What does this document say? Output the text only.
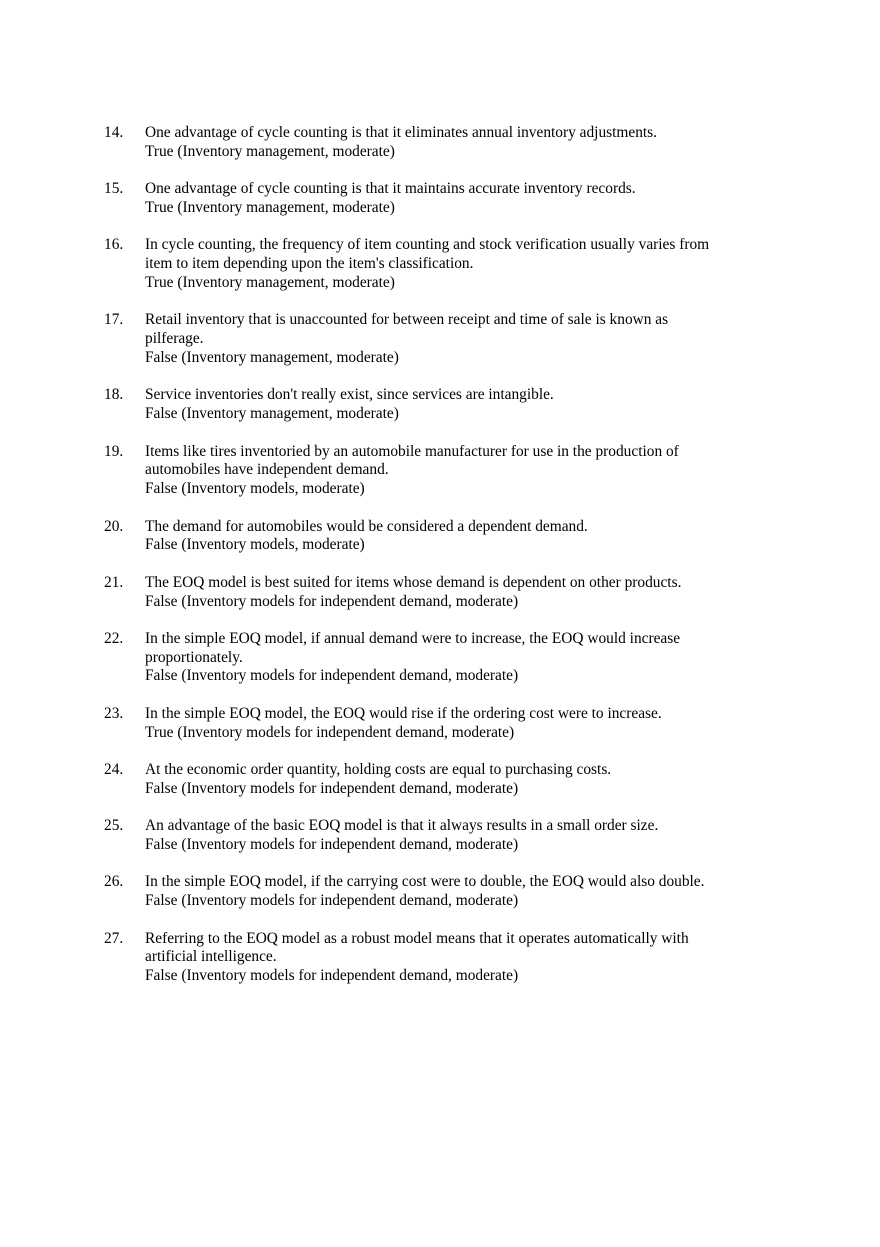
14.	One advantage of cycle counting is that it eliminates annual inventory adjustments.
True (Inventory management, moderate)
15.	One advantage of cycle counting is that it maintains accurate inventory records.
True (Inventory management, moderate)
16.	In cycle counting, the frequency of item counting and stock verification usually varies from item to item depending upon the item's classification.
True (Inventory management, moderate)
17.	Retail inventory that is unaccounted for between receipt and time of sale is known as pilferage.
False (Inventory management, moderate)
18.	Service inventories don't really exist, since services are intangible.
False (Inventory management, moderate)
19.	Items like tires inventoried by an automobile manufacturer for use in the production of automobiles have independent demand.
False (Inventory models, moderate)
20.	The demand for automobiles would be considered a dependent demand.
False (Inventory models, moderate)
21.	The EOQ model is best suited for items whose demand is dependent on other products.
False (Inventory models for independent demand, moderate)
22.	In the simple EOQ model, if annual demand were to increase, the EOQ would increase proportionately.
False (Inventory models for independent demand, moderate)
23.	In the simple EOQ model, the EOQ would rise if the ordering cost were to increase.
True (Inventory models for independent demand, moderate)
24.	At the economic order quantity, holding costs are equal to purchasing costs.
False (Inventory models for independent demand, moderate)
25.	An advantage of the basic EOQ model is that it always results in a small order size.
False (Inventory models for independent demand, moderate)
26.	In the simple EOQ model, if the carrying cost were to double, the EOQ would also double.
False (Inventory models for independent demand, moderate)
27.	Referring to the EOQ model as a robust model means that it operates automatically with artificial intelligence.
False (Inventory models for independent demand, moderate)
